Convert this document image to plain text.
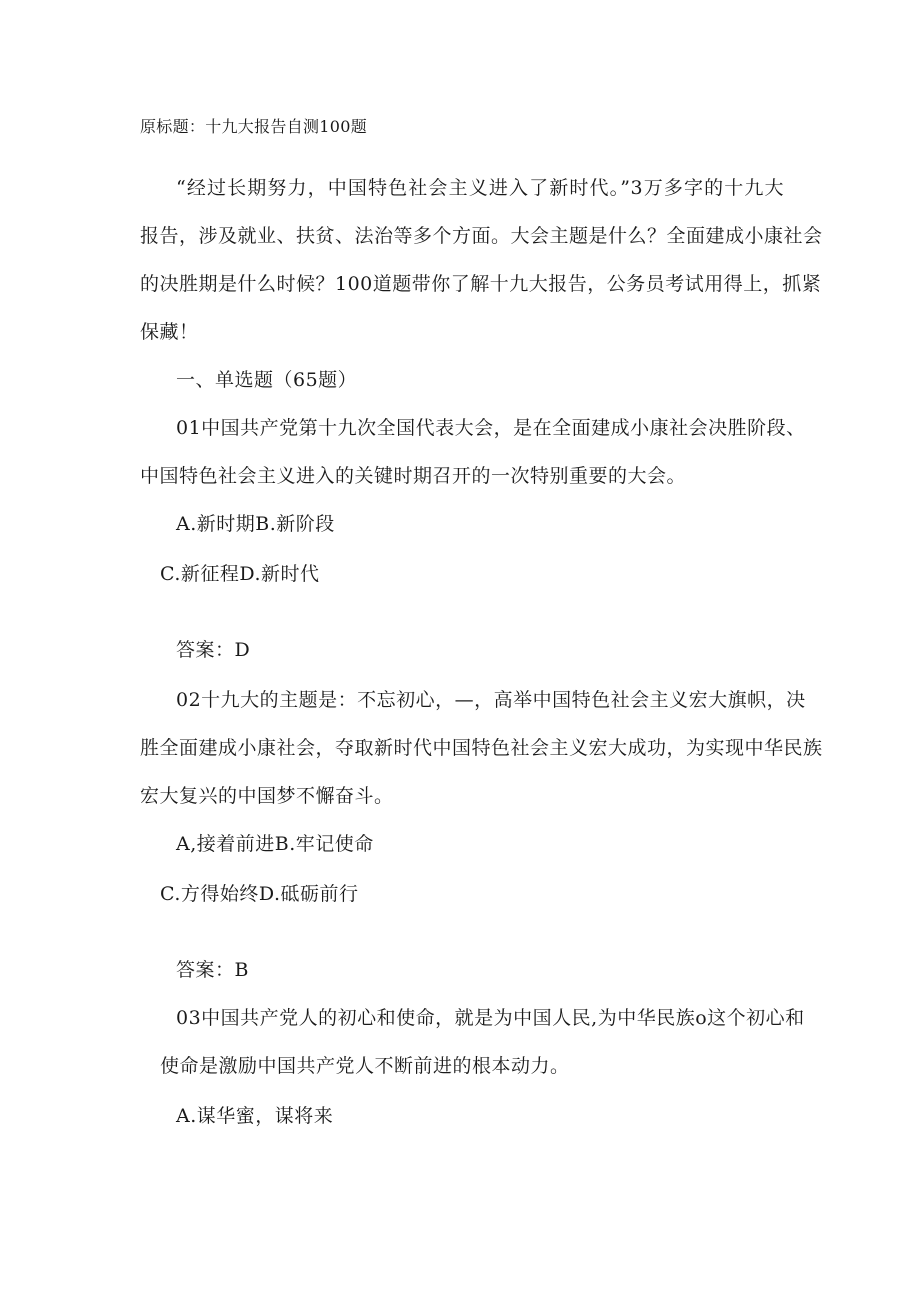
原标题：十九大报告自测100题
“经过长期努力，中国特色社会主义进入了新时代。”3万多字的十九大
报告，涉及就业、扶贫、法治等多个方面。大会主题是什么？全面建成小康社会
的决胜期是什么时候？100道题带你了解十九大报告，公务员考试用得上，抓紧
保藏！
一、单选题（65题）
01中国共产党第十九次全国代表大会，是在全面建成小康社会决胜阶段、
中国特色社会主义进入的关键时期召开的一次特别重要的大会。
A.新时期B.新阶段
C.新征程D.新时代
答案：D
02十九大的主题是：不忘初心，—，高举中国特色社会主义宏大旗帜，决
胜全面建成小康社会，夺取新时代中国特色社会主义宏大成功，为实现中华民族
宏大复兴的中国梦不懈奋斗。
A,接着前进B.牢记使命
C.方得始终D.砥砺前行
答案：B
03中国共产党人的初心和使命，就是为中国人民,为中华民族o这个初心和
使命是激励中国共产党人不断前进的根本动力。
A.谋华蜜，谋将来
